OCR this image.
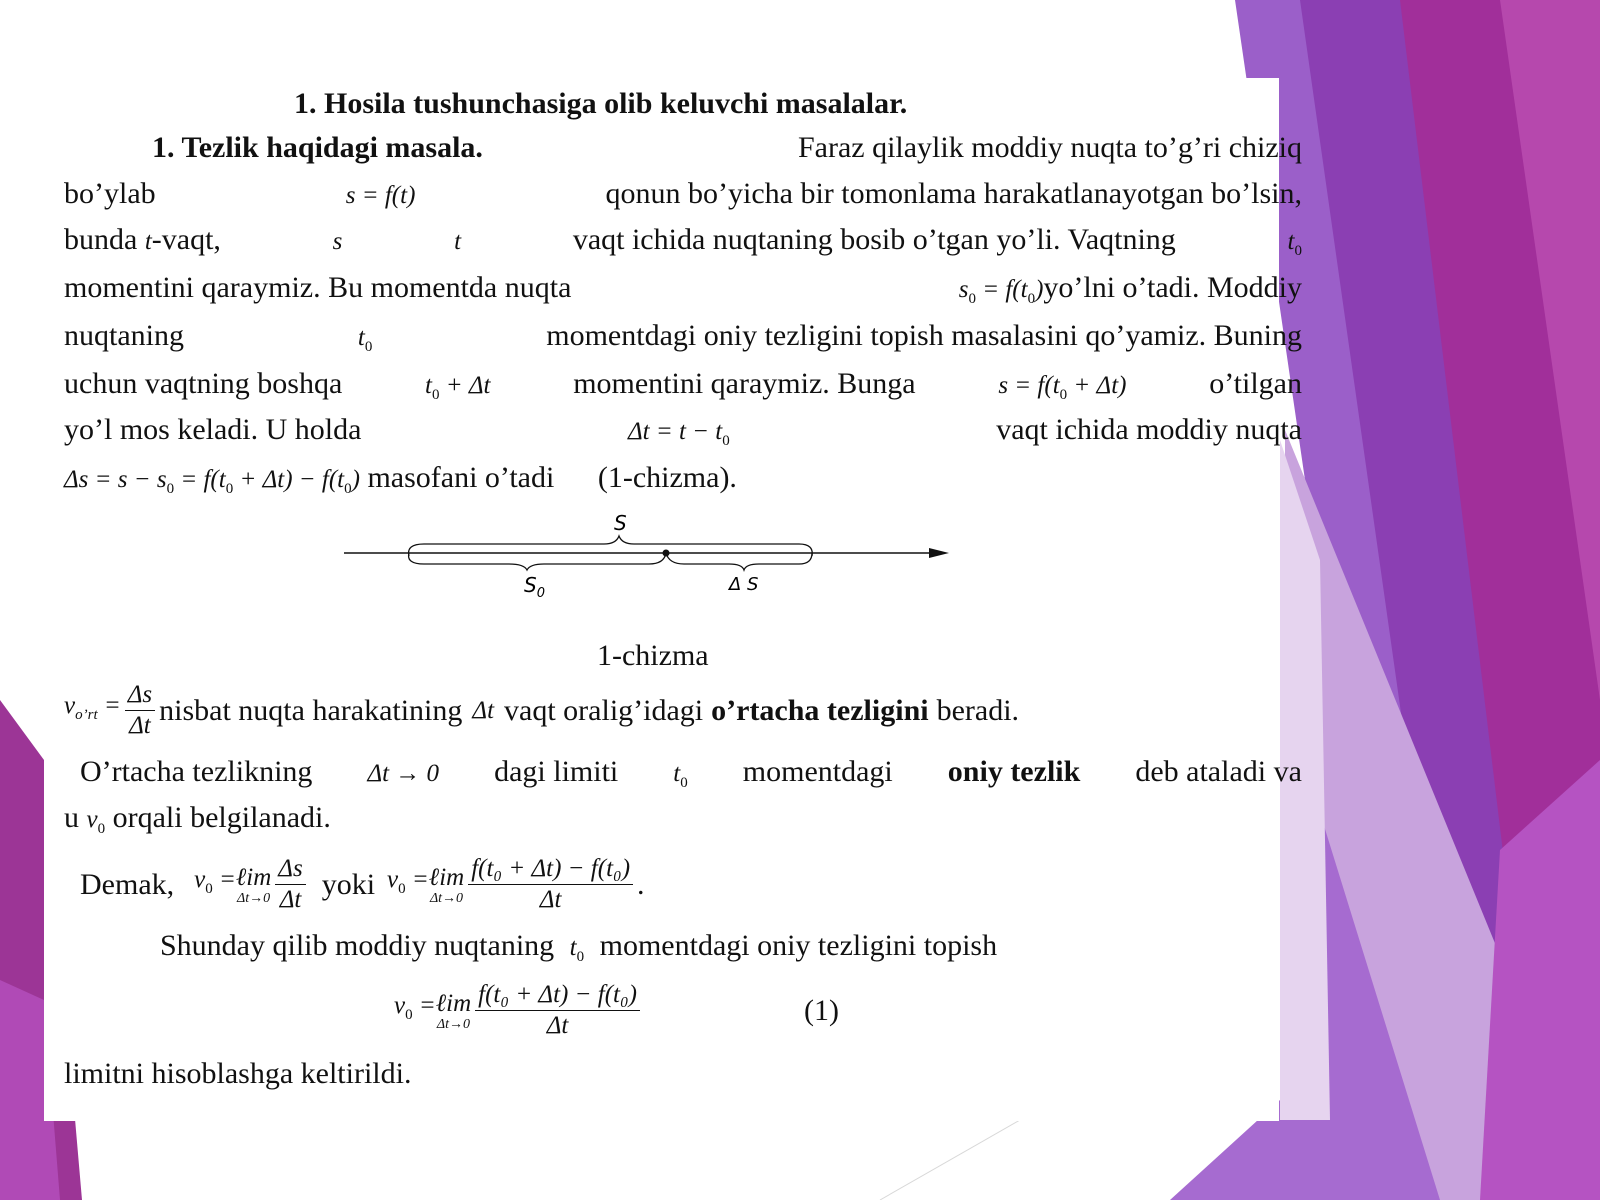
1. Hosila tushunchasiga olib keluvchi masalalar.
1. Tezlik haqidagi masala.	Faraz qilaylik moddiy nuqta to’g’ri chiziq
bo’ylab	s = f(t)	qonun bo’yicha bir tomonlama harakatlanayotgan bo’lsin,
bunda t-vaqt,	s	t	vaqt ichida nuqtaning bosib o’tgan yo’li. Vaqtning	$t_0$
momentini qaraymiz. Bu momentda nuqta	$s_0$ = $f(t_0)yo’\ln i$ o’tadi. Moddiy
nuqtaning	$t_0$	momentdagi oniy tezligini topish masalasini qo’yamiz. Buning
uchun vaqtning boshqa	$t_0 + \Delta t$	momentini qaraymiz. Bunga	$s = f(t_0 + \Delta t)$	o’tilgan
yo’l mos keladi. U holda	$\Delta t = t - t_0$	vaqt ichida moddiy nuqta
$\Delta s = s - s_0 = f(t_0 + \Delta t) - f(t_0)$ masofani o’tadi (1-chizma).
S
$S_0$	Δ S
1-chizma
$v_{o’rt} = \frac{\Delta s}{\Delta t}$ nisbat nuqta harakatining Δt vaqt oralig’idagi o’rtacha tezligini beradi.
O’rtacha tezlikning Δt → 0 dagi limiti $t_0$ momentdagi oniy tezlik deb ataladi va
u $v_0$ orqali belgilanadi.
Demak, $v_0$ = ℓim
$\Delta t\to 0 \frac{\Delta s}{\Delta t}$ yoki $v_0$ = ℓim
$\Delta t\to 0 \frac{\text{f(t₀ + Δt) − f(t₀)}}{\Delta t}$ .
Shunday qilib moddiy nuqtaning $t_0$ momentdagi oniy tezligini topish
$v_0$ = ℓim
$\Delta t\to 0 \frac{\text{f(t₀ + Δt) − f(t₀)}}{\Delta t}$	(1)
limitni hisoblashga keltirildi.
